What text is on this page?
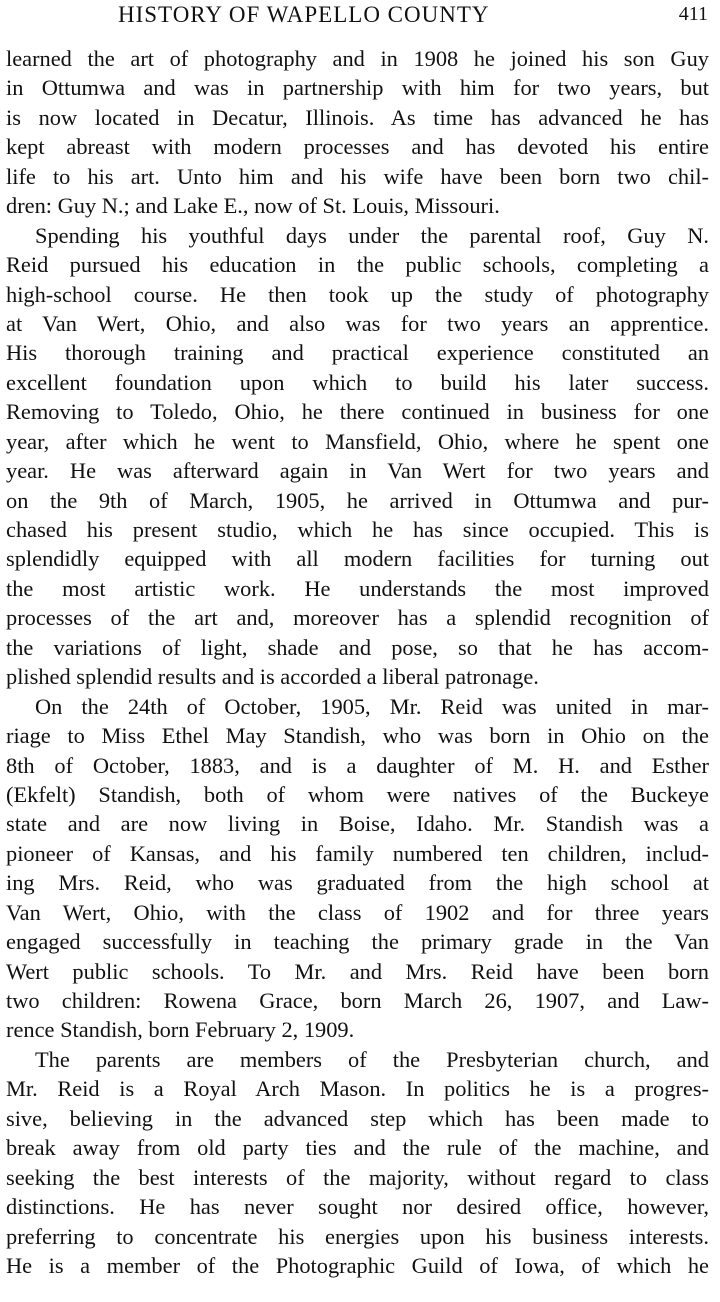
HISTORY OF WAPELLO COUNTY	411
learned the art of photography and in 1908 he joined his son Guy
in Ottumwa and was in partnership with him for two years, but
is now located in Decatur, Illinois. As time has advanced he has
kept abreast with modern processes and has devoted his entire
life to his art. Unto him and his wife have been born two chil-
dren: Guy N.; and Lake E., now of St. Louis, Missouri.
Spending his youthful days under the parental roof, Guy N.
Reid pursued his education in the public schools, completing a
high-school course. He then took up the study of photography
at Van Wert, Ohio, and also was for two years an apprentice.
His thorough training and practical experience constituted an
excellent foundation upon which to build his later success.
Removing to Toledo, Ohio, he there continued in business for one
year, after which he went to Mansfield, Ohio, where he spent one
year. He was afterward again in Van Wert for two years and
on the 9th of March, 1905, he arrived in Ottumwa and pur-
chased his present studio, which he has since occupied. This is
splendidly equipped with all modern facilities for turning out
the most artistic work. He understands the most improved
processes of the art and, moreover has a splendid recognition of
the variations of light, shade and pose, so that he has accom-
plished splendid results and is accorded a liberal patronage.
On the 24th of October, 1905, Mr. Reid was united in mar-
riage to Miss Ethel May Standish, who was born in Ohio on the
8th of October, 1883, and is a daughter of M. H. and Esther
(Ekfelt) Standish, both of whom were natives of the Buckeye
state and are now living in Boise, Idaho. Mr. Standish was a
pioneer of Kansas, and his family numbered ten children, includ-
ing Mrs. Reid, who was graduated from the high school at
Van Wert, Ohio, with the class of 1902 and for three years
engaged successfully in teaching the primary grade in the Van
Wert public schools. To Mr. and Mrs. Reid have been born
two children: Rowena Grace, born March 26, 1907, and Law-
rence Standish, born February 2, 1909.
The parents are members of the Presbyterian church, and
Mr. Reid is a Royal Arch Mason. In politics he is a progres-
sive, believing in the advanced step which has been made to
break away from old party ties and the rule of the machine, and
seeking the best interests of the majority, without regard to class
distinctions. He has never sought nor desired office, however,
preferring to concentrate his energies upon his business interests.
He is a member of the Photographic Guild of Iowa, of which he
